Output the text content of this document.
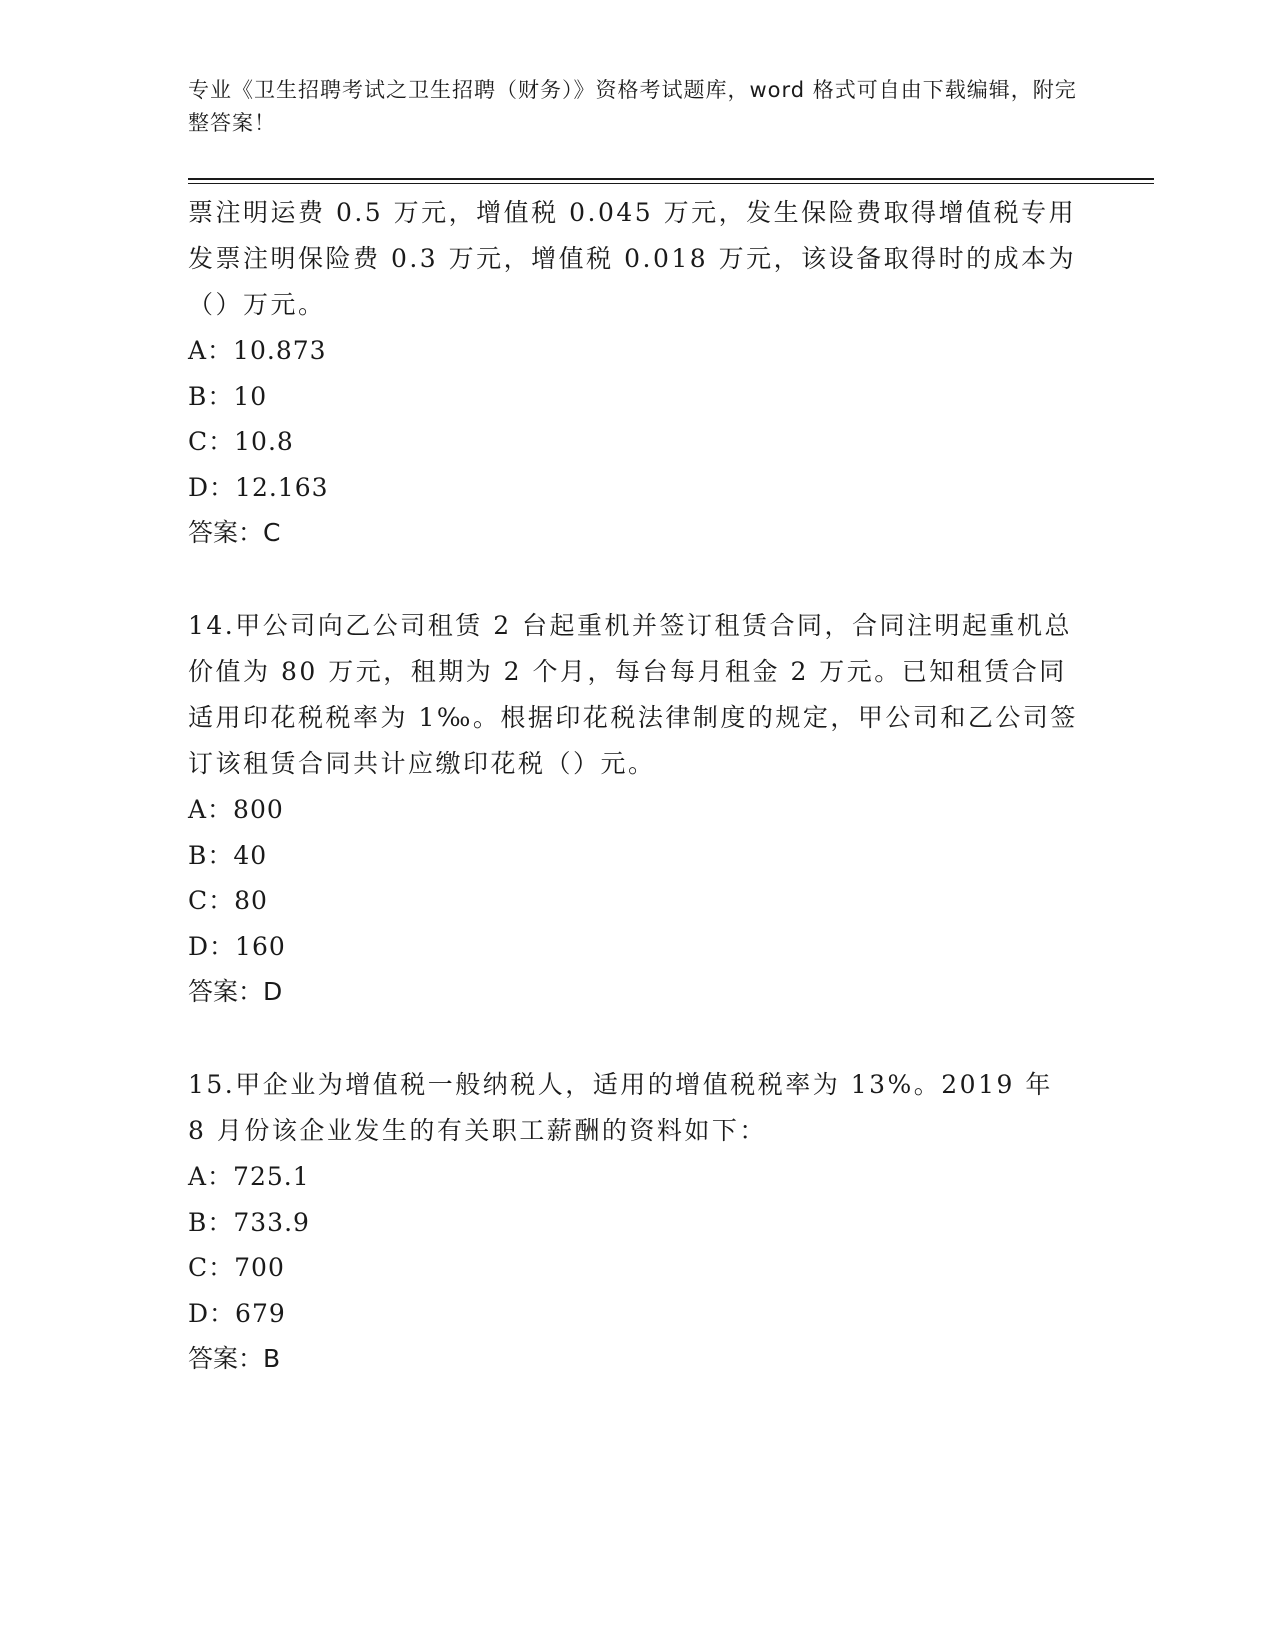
专业《卫生招聘考试之卫生招聘（财务）》资格考试题库，word 格式可自由下载编辑，附完整答案！

票注明运费 0.5 万元，增值税 0.045 万元，发生保险费取得增值税专用发票注明保险费 0.3 万元，增值税 0.018 万元，该设备取得时的成本为（）万元。

A：10.873

B：10

C：10.8

D：12.163

答案：C

14.甲公司向乙公司租赁 2 台起重机并签订租赁合同，合同注明起重机总价值为 80 万元，租期为 2 个月，每台每月租金 2 万元。已知租赁合同适用印花税税率为 1‰。根据印花税法律制度的规定，甲公司和乙公司签订该租赁合同共计应缴印花税（）元。

A：800

B：40

C：80

D：160

答案：D

15.甲企业为增值税一般纳税人，适用的增值税税率为 13%。2019 年 8 月份该企业发生的有关职工薪酬的资料如下：

A：725.1

B：733.9

C：700

D：679

答案：B
